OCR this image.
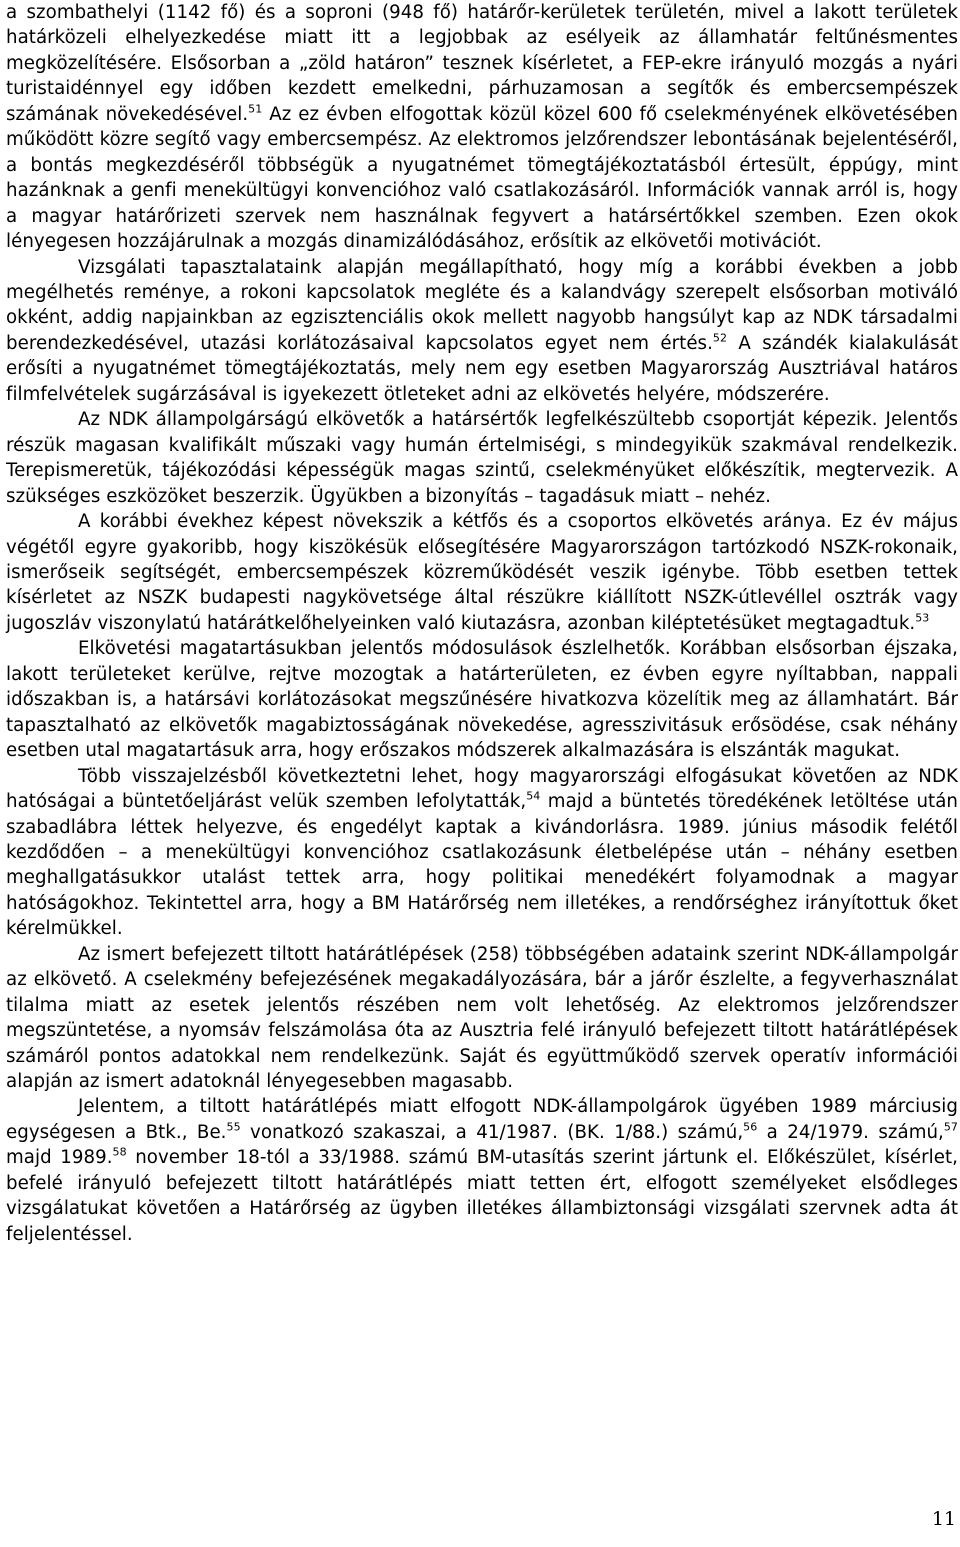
a szombathelyi (1142 fő) és a soproni (948 fő) határőr-kerületek területén, mivel a lakott területek határközeli elhelyezkedése miatt itt a legjobbak az esélyeik az államhatár feltűnésmentes megközelítésére. Elsősorban a „zöld határon” tesznek kísérletet, a FEP-ekre irányuló mozgás a nyári turistaidénnyel egy időben kezdett emelkedni, párhuzamosan a segítők és embercsempészek számának növekedésével.$^{51}$ Az ez évben elfogottak közül közel 600 fő cselekményének elkövetésében működött közre segítő vagy embercsempész. Az elektromos jelzőrendszer lebontásának bejelentéséről, a bontás megkezdéséről többségük a nyugatnémet tömegtájékoztatásból értesült, éppúgy, mint hazánknak a genfi menekültügyi konvencióhoz való csatlakozásáról. Információk vannak arról is, hogy a magyar határőrizeti szervek nem használnak fegyvert a határsértőkkel szemben. Ezen okok lényegesen hozzájárulnak a mozgás dinamizálódásához, erősítik az elkövetői motivációt.

Vizsgálati tapasztalataink alapján megállapítható, hogy míg a korábbi években a jobb megélhetés reménye, a rokoni kapcsolatok megléte és a kalandvágy szerepelt elsősorban motiváló okként, addig napjainkban az egzisztenciális okok mellett nagyobb hangsúlyt kap az NDK társadalmi berendezkedésével, utazási korlátozásaival kapcsolatos egyet nem értés.$^{52}$ A szándék kialakulását erősíti a nyugatnémet tömegtájékoztatás, mely nem egy esetben Magyarország Ausztriával határos filmfelvételek sugárzásával is igyekezett ötleteket adni az elkövetés helyére, módszerére.

Az NDK állampolgárságú elkövetők a határsértők legfelkészültebb csoportját képezik. Jelentős részük magasan kvalifikált műszaki vagy humán értelmiségi, s mindegyikük szakmával rendelkezik. Terepismeretük, tájékozódási képességük magas szintű, cselekményüket előkészítik, megtervezik. A szükséges eszközöket beszerzik. Ügyükben a bizonyítás – tagadásuk miatt – nehéz.

A korábbi évekhez képest növekszik a kétfős és a csoportos elkövetés aránya. Ez év május végétől egyre gyakoribb, hogy kiszökésük elősegítésére Magyarországon tartózkodó NSZK-rokonaik, ismerőseik segítségét, embercsempészek közreműködését veszik igénybe. Több esetben tettek kísérletet az NSZK budapesti nagykövetsége által részükre kiállított NSZK-útlevéllel osztrák vagy jugoszláv viszonylatú határátkelőhelyeinken való kiutazásra, azonban kiléptetésüket megtagadtuk.$^{53}$

Elkövetési magatartásukban jelentős módosulások észlelhetők. Korábban elsősorban éjszaka, lakott területeket kerülve, rejtve mozogtak a határterületen, ez évben egyre nyíltabban, nappali időszakban is, a határsávi korlátozásokat megszűnésére hivatkozva közelítik meg az államhatárt. Bár tapasztalható az elkövetők magabiztosságának növekedése, agresszivitásuk erősödése, csak néhány esetben utal magatartásuk arra, hogy erőszakos módszerek alkalmazására is elszánták magukat.

Több visszajelzésből következtetni lehet, hogy magyarországi elfogásukat követően az NDK hatóságai a büntetőeljárást velük szemben lefolytatták,$^{54}$ majd a büntetés töredékének letöltése után szabadlábra léttek helyezve, és engedélyt kaptak a kivándorlásra. 1989. június második felétől kezdődően – a menekültügyi konvencióhoz csatlakozásunk életbelépése után – néhány esetben meghallgatásukkor utalást tettek arra, hogy politikai menedékért folyamodnak a magyar hatóságokhoz. Tekintettel arra, hogy a BM Határőrség nem illetékes, a rendőrséghez irányítottuk őket kérelmükkel.

Az ismert befejezett tiltott határátlépések (258) többségében adataink szerint NDK-állampolgár az elkövető. A cselekmény befejezésének megakadályozására, bár a járőr észlelte, a fegyverhasználat tilalma miatt az esetek jelentős részében nem volt lehetőség. Az elektromos jelzőrendszer megszüntetése, a nyomsáv felszámolása óta az Ausztria felé irányuló befejezett tiltott határátlépések számáról pontos adatokkal nem rendelkezünk. Saját és együttműködő szervek operatív információi alapján az ismert adatoknál lényegesebben magasabb.

Jelentem, a tiltott határátlépés miatt elfogott NDK-állampolgárok ügyében 1989 márciusig egységesen a Btk., Be.$^{55}$ vonatkozó szakaszai, a 41/1987. (BK. 1/88.) számú,$^{56}$ a 24/1979. számú,$^{57}$ majd 1989.58 november 18-tól a 33/1988. számú BM-utasítás szerint jártunk el. Előkészület, kísérlet, befelé irányuló befejezett tiltott határátlépés miatt tetten ért, elfogott személyeket elsődleges vizsgálatukat követően a Határőrség az ügyben illetékes állambiztonsági vizsgálati szervnek adta át feljelentéssel.

11
